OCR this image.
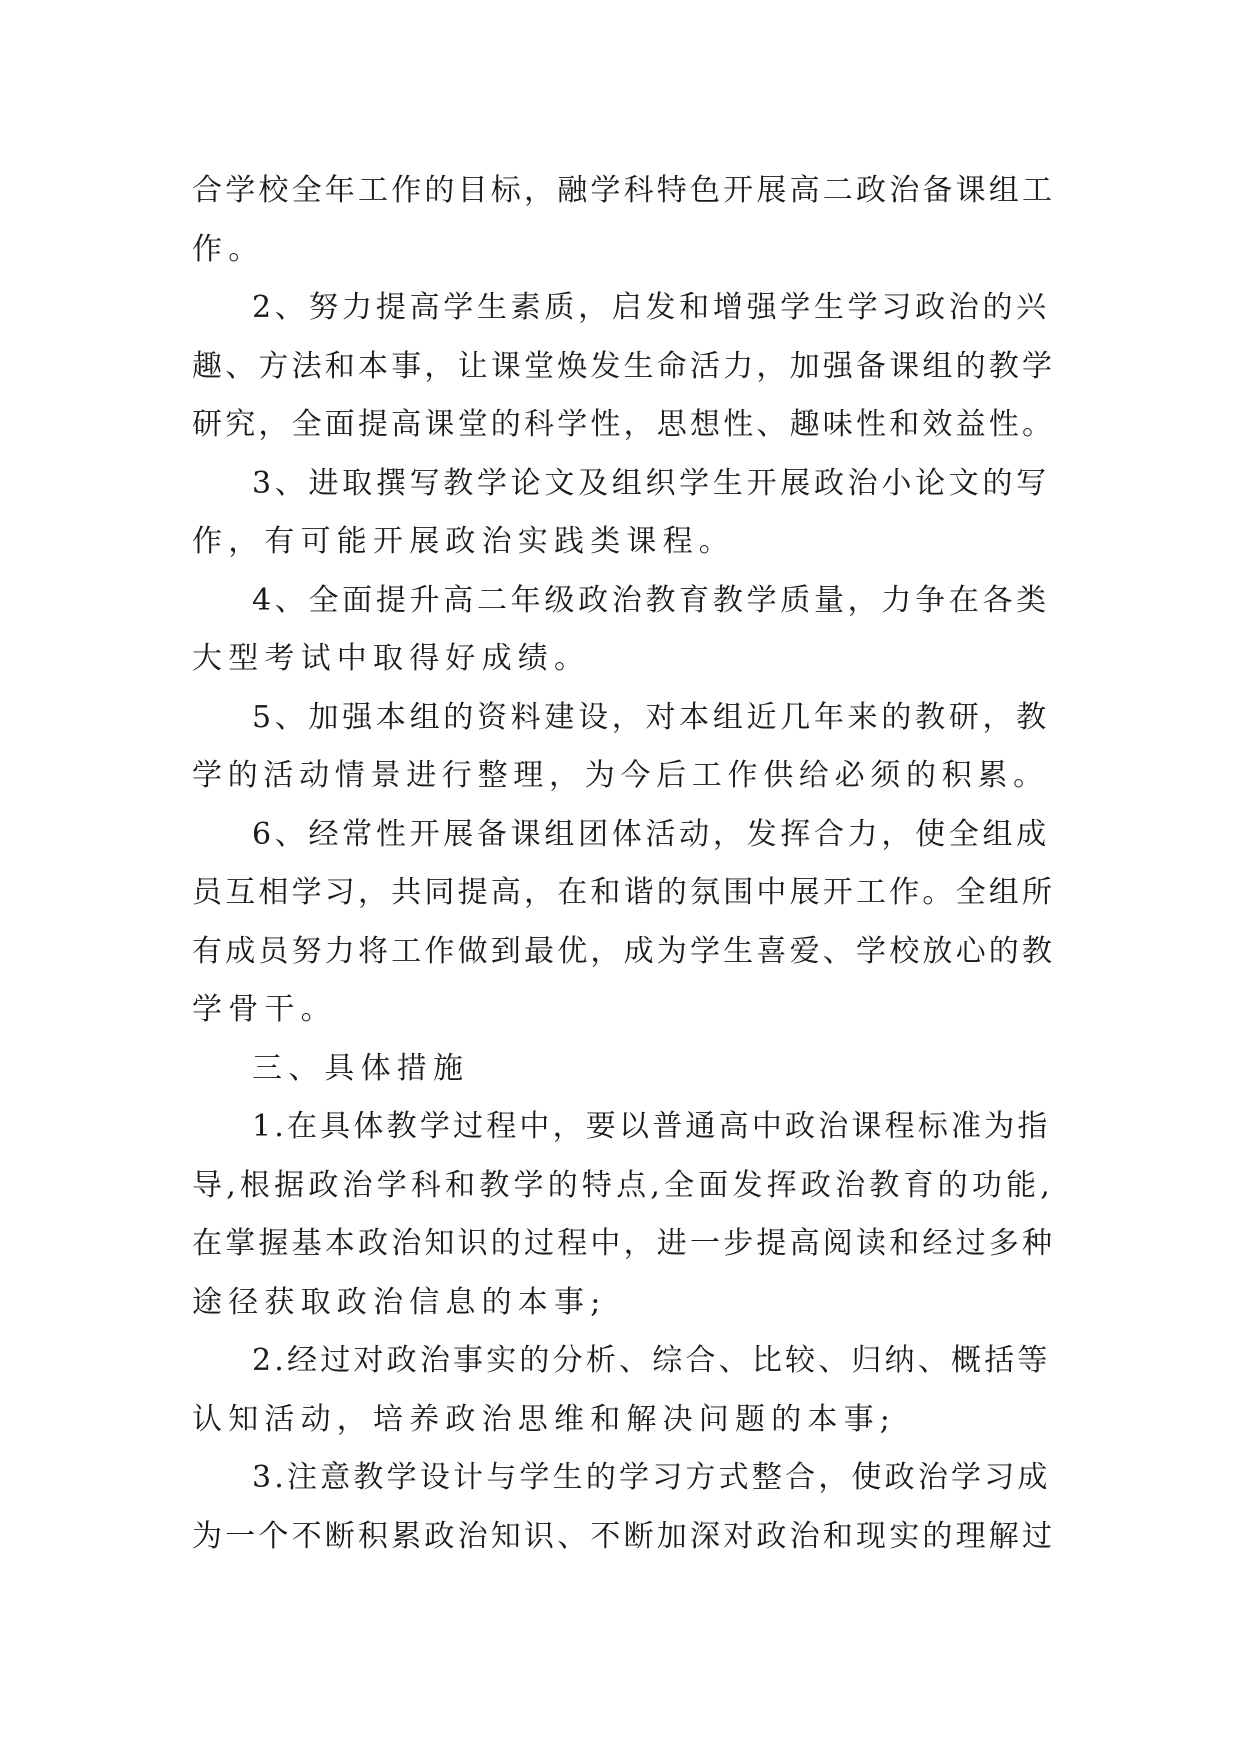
合学校全年工作的目标，融学科特色开展高二政治备课组工
作。
2、努力提高学生素质，启发和增强学生学习政治的兴
趣、方法和本事，让课堂焕发生命活力，加强备课组的教学
研究，全面提高课堂的科学性，思想性、趣味性和效益性。
3、进取撰写教学论文及组织学生开展政治小论文的写
作，有可能开展政治实践类课程。
4、全面提升高二年级政治教育教学质量，力争在各类
大型考试中取得好成绩。
5、加强本组的资料建设，对本组近几年来的教研，教
学的活动情景进行整理，为今后工作供给必须的积累。
6、经常性开展备课组团体活动，发挥合力，使全组成
员互相学习，共同提高，在和谐的氛围中展开工作。全组所
有成员努力将工作做到最优，成为学生喜爱、学校放心的教
学骨干。
三、具体措施
1.在具体教学过程中，要以普通高中政治课程标准为指
导,根据政治学科和教学的特点,全面发挥政治教育的功能,
在掌握基本政治知识的过程中，进一步提高阅读和经过多种
途径获取政治信息的本事;
2.经过对政治事实的分析、综合、比较、归纳、概括等
认知活动，培养政治思维和解决问题的本事;
3.注意教学设计与学生的学习方式整合，使政治学习成
为一个不断积累政治知识、不断加深对政治和现实的理解过
